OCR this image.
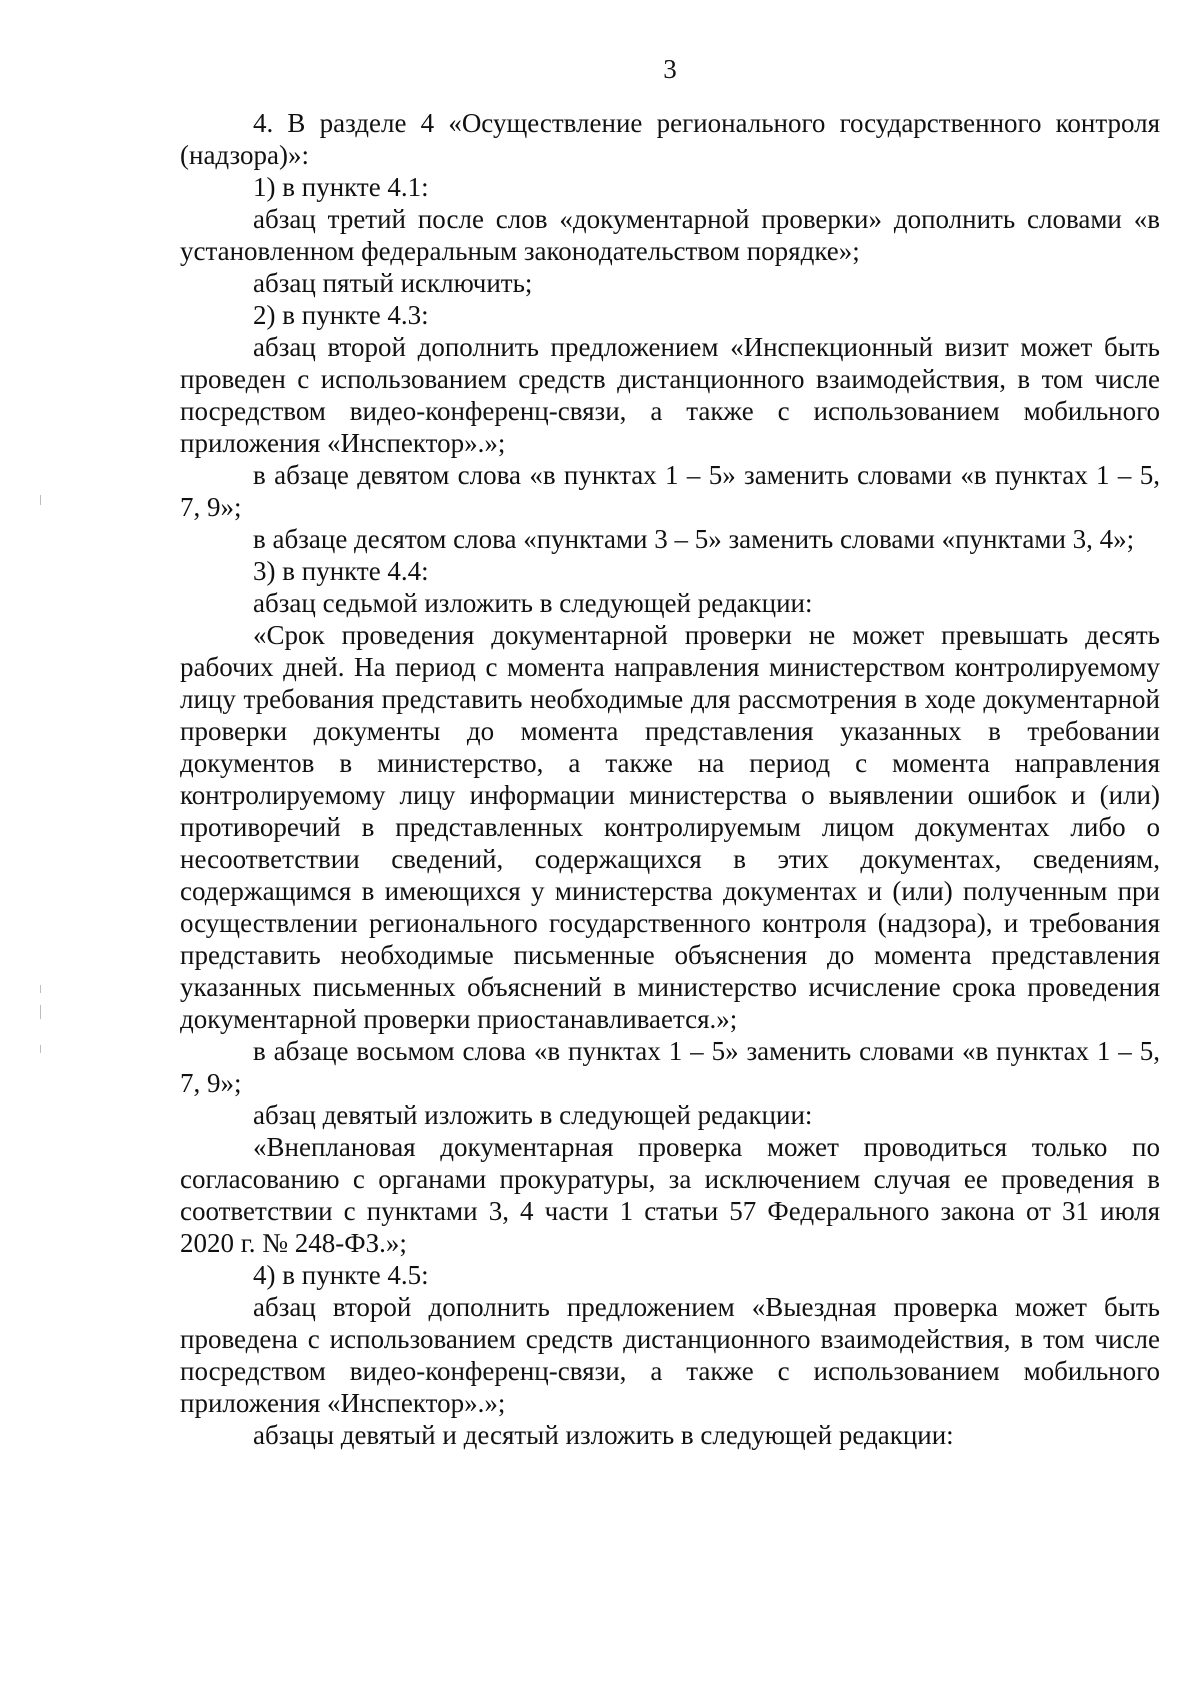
3

4. В разделе 4 «Осуществление регионального государственного контроля (надзора)»:

1) в пункте 4.1:

абзац третий после слов «документарной проверки» дополнить словами «в установленном федеральным законодательством порядке»;

абзац пятый исключить;

2) в пункте 4.3:

абзац второй дополнить предложением «Инспекционный визит может быть проведен с использованием средств дистанционного взаимодействия, в том числе посредством видео-конференц-связи, а также с использованием мобильного приложения «Инспектор».»;

в абзаце девятом слова «в пунктах 1 – 5» заменить словами «в пунктах 1 – 5, 7, 9»;

в абзаце десятом слова «пунктами 3 – 5» заменить словами «пунктами 3, 4»;

3) в пункте 4.4:

абзац седьмой изложить в следующей редакции:

«Срок проведения документарной проверки не может превышать десять рабочих дней. На период с момента направления министерством контролируемому лицу требования представить необходимые для рассмотрения в ходе документарной проверки документы до момента представления указанных в требовании документов в министерство, а также на период с момента направления контролируемому лицу информации министерства о выявлении ошибок и (или) противоречий в представленных контролируемым лицом документах либо о несоответствии сведений, содержащихся в этих документах, сведениям, содержащимся в имеющихся у министерства документах и (или) полученным при осуществлении регионального государственного контроля (надзора), и требования представить необходимые письменные объяснения до момента представления указанных письменных объяснений в министерство исчисление срока проведения документарной проверки приостанавливается.»;

в абзаце восьмом слова «в пунктах 1 – 5» заменить словами «в пунктах 1 – 5, 7, 9»;

абзац девятый изложить в следующей редакции:

«Внеплановая документарная проверка может проводиться только по согласованию с органами прокуратуры, за исключением случая ее проведения в соответствии с пунктами 3, 4 части 1 статьи 57 Федерального закона от 31 июля 2020 г. № 248-ФЗ.»;

4) в пункте 4.5:

абзац второй дополнить предложением «Выездная проверка может быть проведена с использованием средств дистанционного взаимодействия, в том числе посредством видео-конференц-связи, а также с использованием мобильного приложения «Инспектор».»;

абзацы девятый и десятый изложить в следующей редакции:
